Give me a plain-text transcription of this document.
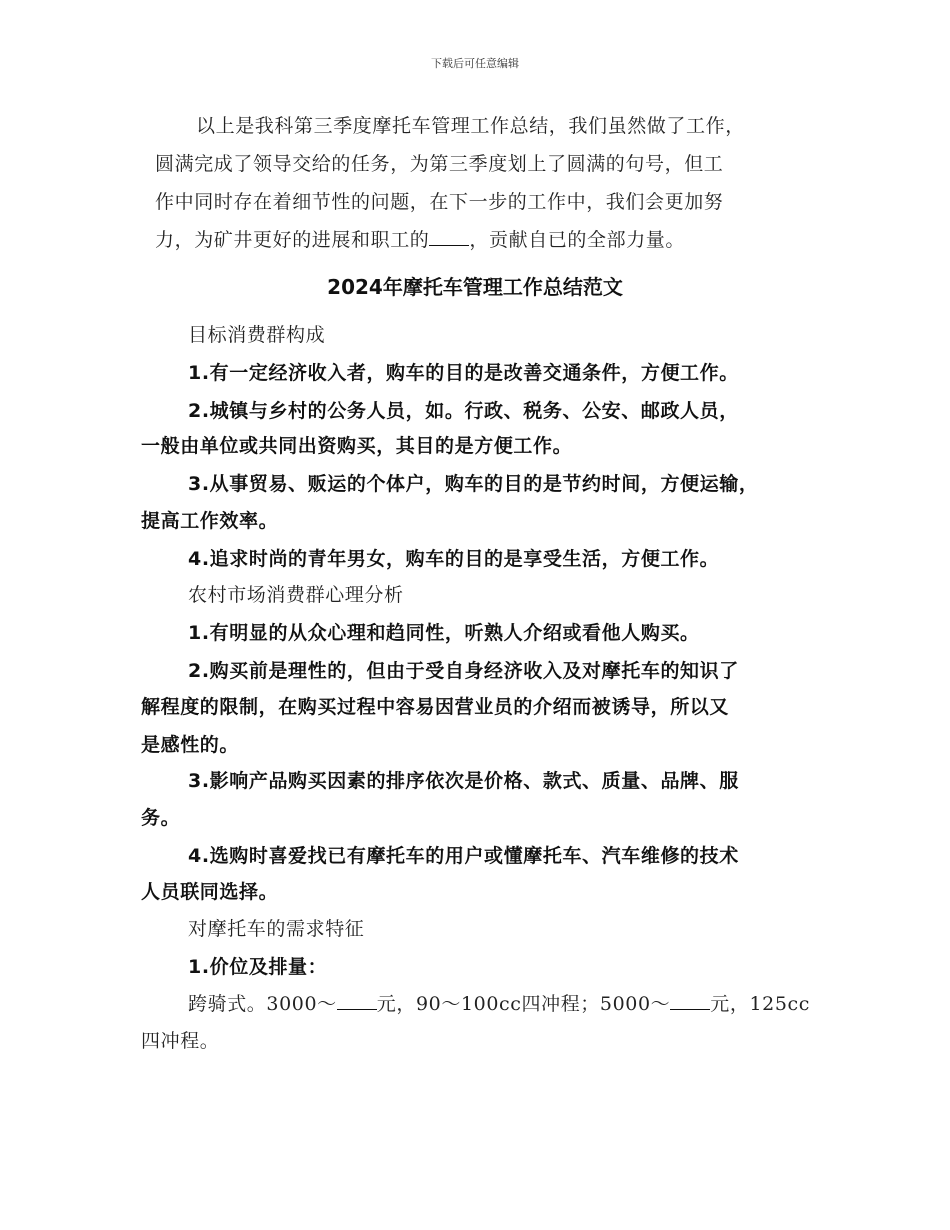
下载后可任意编辑
以上是我科第三季度摩托车管理工作总结，我们虽然做了工作，
圆满完成了领导交给的任务，为第三季度划上了圆满的句号，但工
作中同时存在着细节性的问题，在下一步的工作中，我们会更加努
力，为矿井更好的进展和职工的 ，贡献自已的全部力量。
2024年摩托车管理工作总结范文
目标消费群构成
1.有一定经济收入者，购车的目的是改善交通条件，方便工作。
2.城镇与乡村的公务人员，如。行政、税务、公安、邮政人员，
一般由单位或共同出资购买，其目的是方便工作。
3.从事贸易、贩运的个体户，购车的目的是节约时间，方便运输，
提高工作效率。
4.追求时尚的青年男女，购车的目的是享受生活，方便工作。
农村市场消费群心理分析
1.有明显的从众心理和趋同性，听熟人介绍或看他人购买。
2.购买前是理性的，但由于受自身经济收入及对摩托车的知识了
解程度的限制，在购买过程中容易因营业员的介绍而被诱导，所以又
是感性的。
3.影响产品购买因素的排序依次是价格、款式、质量、品牌、服
务。
4.选购时喜爱找已有摩托车的用户或懂摩托车、汽车维修的技术
人员联同选择。
对摩托车的需求特征
1.价位及排量：
跨骑式。3000～ 元，90～100cc四冲程；5000～ 元，125cc
四冲程。
